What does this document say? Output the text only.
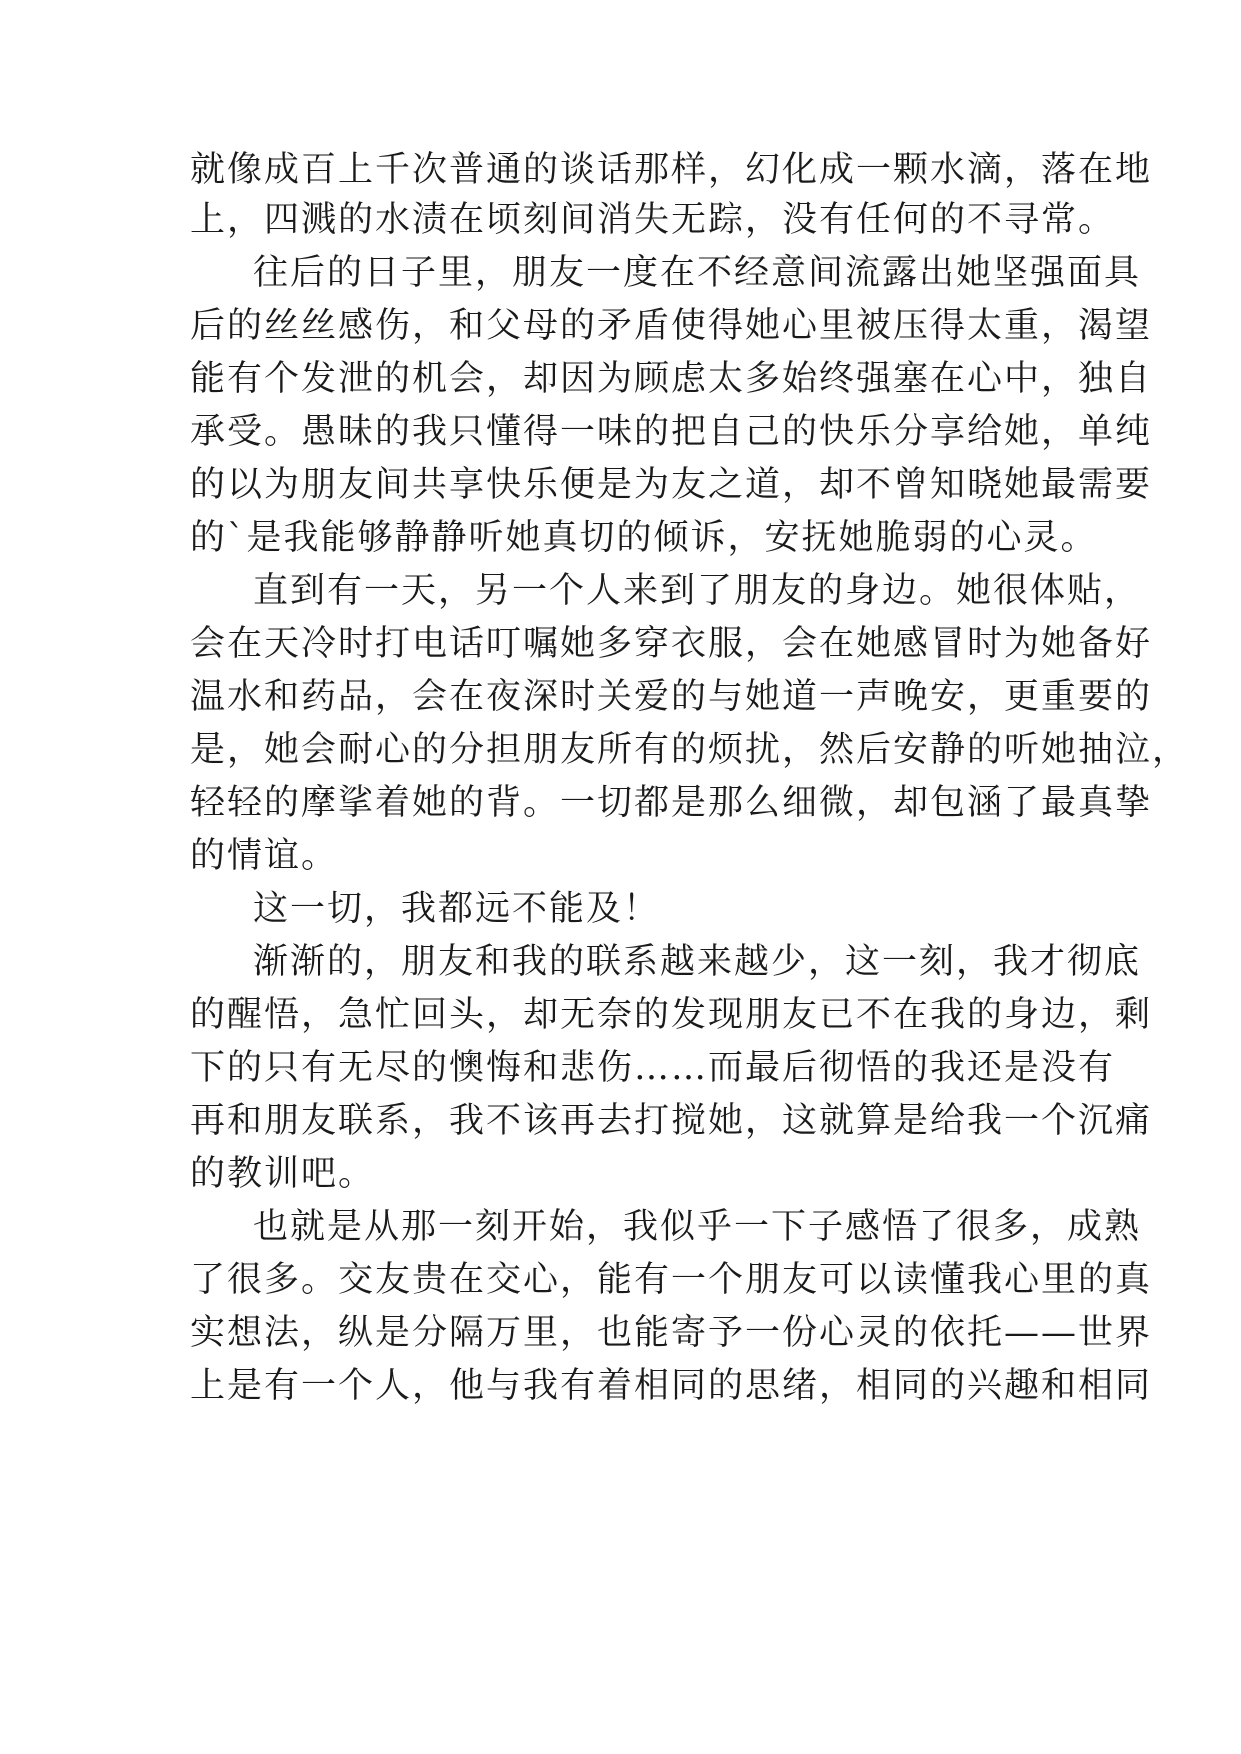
就像成百上千次普通的谈话那样，幻化成一颗水滴，落在地
上，四溅的水渍在顷刻间消失无踪，没有任何的不寻常。
往后的日子里，朋友一度在不经意间流露出她坚强面具
后的丝丝感伤，和父母的矛盾使得她心里被压得太重，渴望
能有个发泄的机会，却因为顾虑太多始终强塞在心中，独自
承受。愚昧的我只懂得一味的把自己的快乐分享给她，单纯
的以为朋友间共享快乐便是为友之道，却不曾知晓她最需要
的`是我能够静静听她真切的倾诉，安抚她脆弱的心灵。
直到有一天，另一个人来到了朋友的身边。她很体贴，
会在天冷时打电话叮嘱她多穿衣服，会在她感冒时为她备好
温水和药品，会在夜深时关爱的与她道一声晚安，更重要的
是，她会耐心的分担朋友所有的烦扰，然后安静的听她抽泣，
轻轻的摩挲着她的背。一切都是那么细微，却包涵了最真挚
的情谊。
这一切，我都远不能及！
渐渐的，朋友和我的联系越来越少，这一刻，我才彻底
的醒悟，急忙回头，却无奈的发现朋友已不在我的身边，剩
下的只有无尽的懊悔和悲伤……而最后彻悟的我还是没有
再和朋友联系，我不该再去打搅她，这就算是给我一个沉痛
的教训吧。
也就是从那一刻开始，我似乎一下子感悟了很多，成熟
了很多。交友贵在交心，能有一个朋友可以读懂我心里的真
实想法，纵是分隔万里，也能寄予一份心灵的依托——世界
上是有一个人，他与我有着相同的思绪，相同的兴趣和相同
